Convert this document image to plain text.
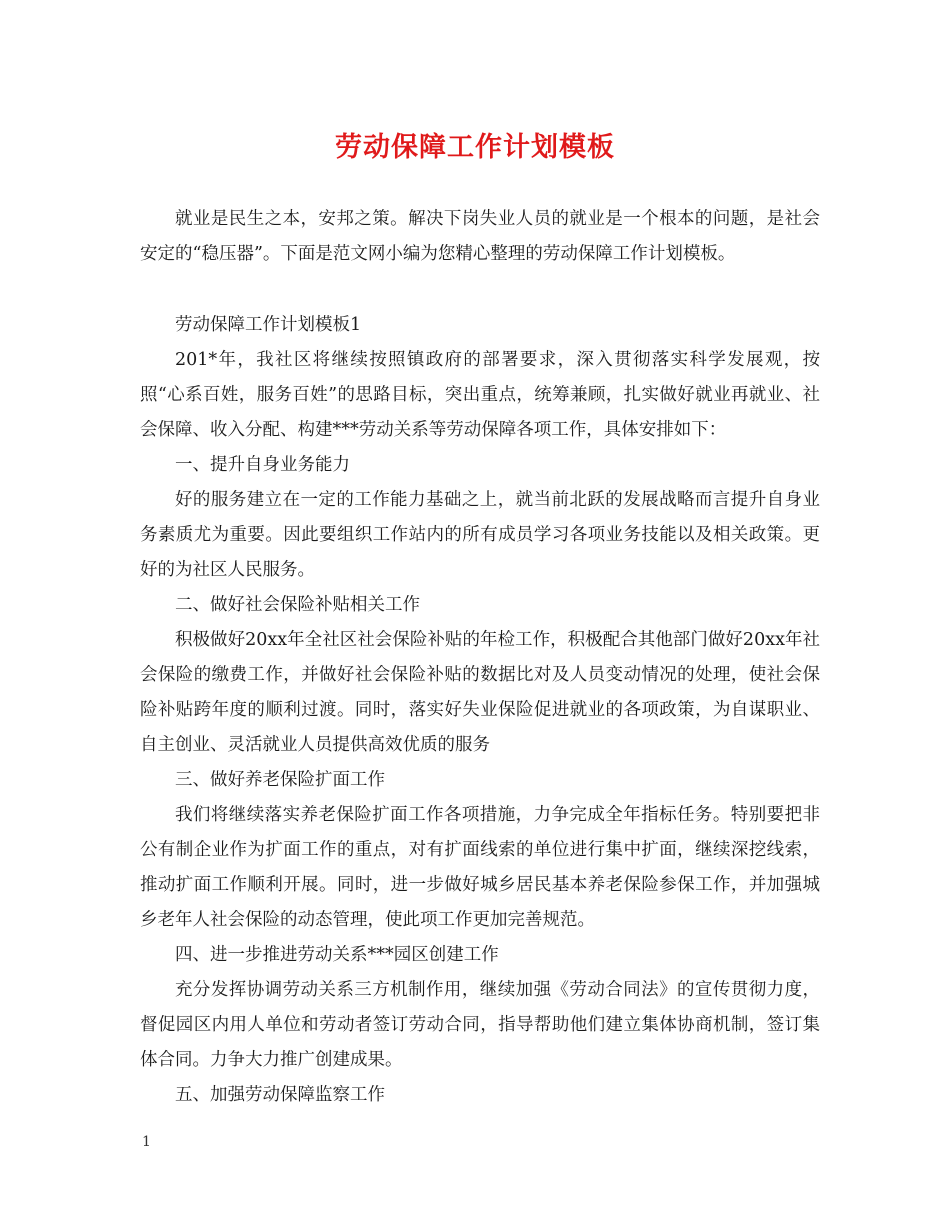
劳动保障工作计划模板

就业是民生之本，安邦之策。解决下岗失业人员的就业是一个根本的问题，是社会安定的“稳压器”。下面是范文网小编为您精心整理的劳动保障工作计划模板。

劳动保障工作计划模板1

201*年，我社区将继续按照镇政府的部署要求，深入贯彻落实科学发展观，按照“心系百姓，服务百姓”的思路目标，突出重点，统筹兼顾，扎实做好就业再就业、社会保障、收入分配、构建***劳动关系等劳动保障各项工作，具体安排如下：

一、提升自身业务能力

好的服务建立在一定的工作能力基础之上，就当前北跃的发展战略而言提升自身业务素质尤为重要。因此要组织工作站内的所有成员学习各项业务技能以及相关政策。更好的为社区人民服务。

二、做好社会保险补贴相关工作

积极做好20xx年全社区社会保险补贴的年检工作，积极配合其他部门做好20xx年社会保险的缴费工作，并做好社会保险补贴的数据比对及人员变动情况的处理，使社会保险补贴跨年度的顺利过渡。同时，落实好失业保险促进就业的各项政策，为自谋职业、自主创业、灵活就业人员提供高效优质的服务

三、做好养老保险扩面工作

我们将继续落实养老保险扩面工作各项措施，力争完成全年指标任务。特别要把非公有制企业作为扩面工作的重点，对有扩面线索的单位进行集中扩面，继续深挖线索，推动扩面工作顺利开展。同时，进一步做好城乡居民基本养老保险参保工作，并加强城乡老年人社会保险的动态管理，使此项工作更加完善规范。

四、进一步推进劳动关系***园区创建工作

充分发挥协调劳动关系三方机制作用，继续加强《劳动合同法》的宣传贯彻力度，督促园区内用人单位和劳动者签订劳动合同，指导帮助他们建立集体协商机制，签订集体合同。力争大力推广创建成果。

五、加强劳动保障监察工作

1
